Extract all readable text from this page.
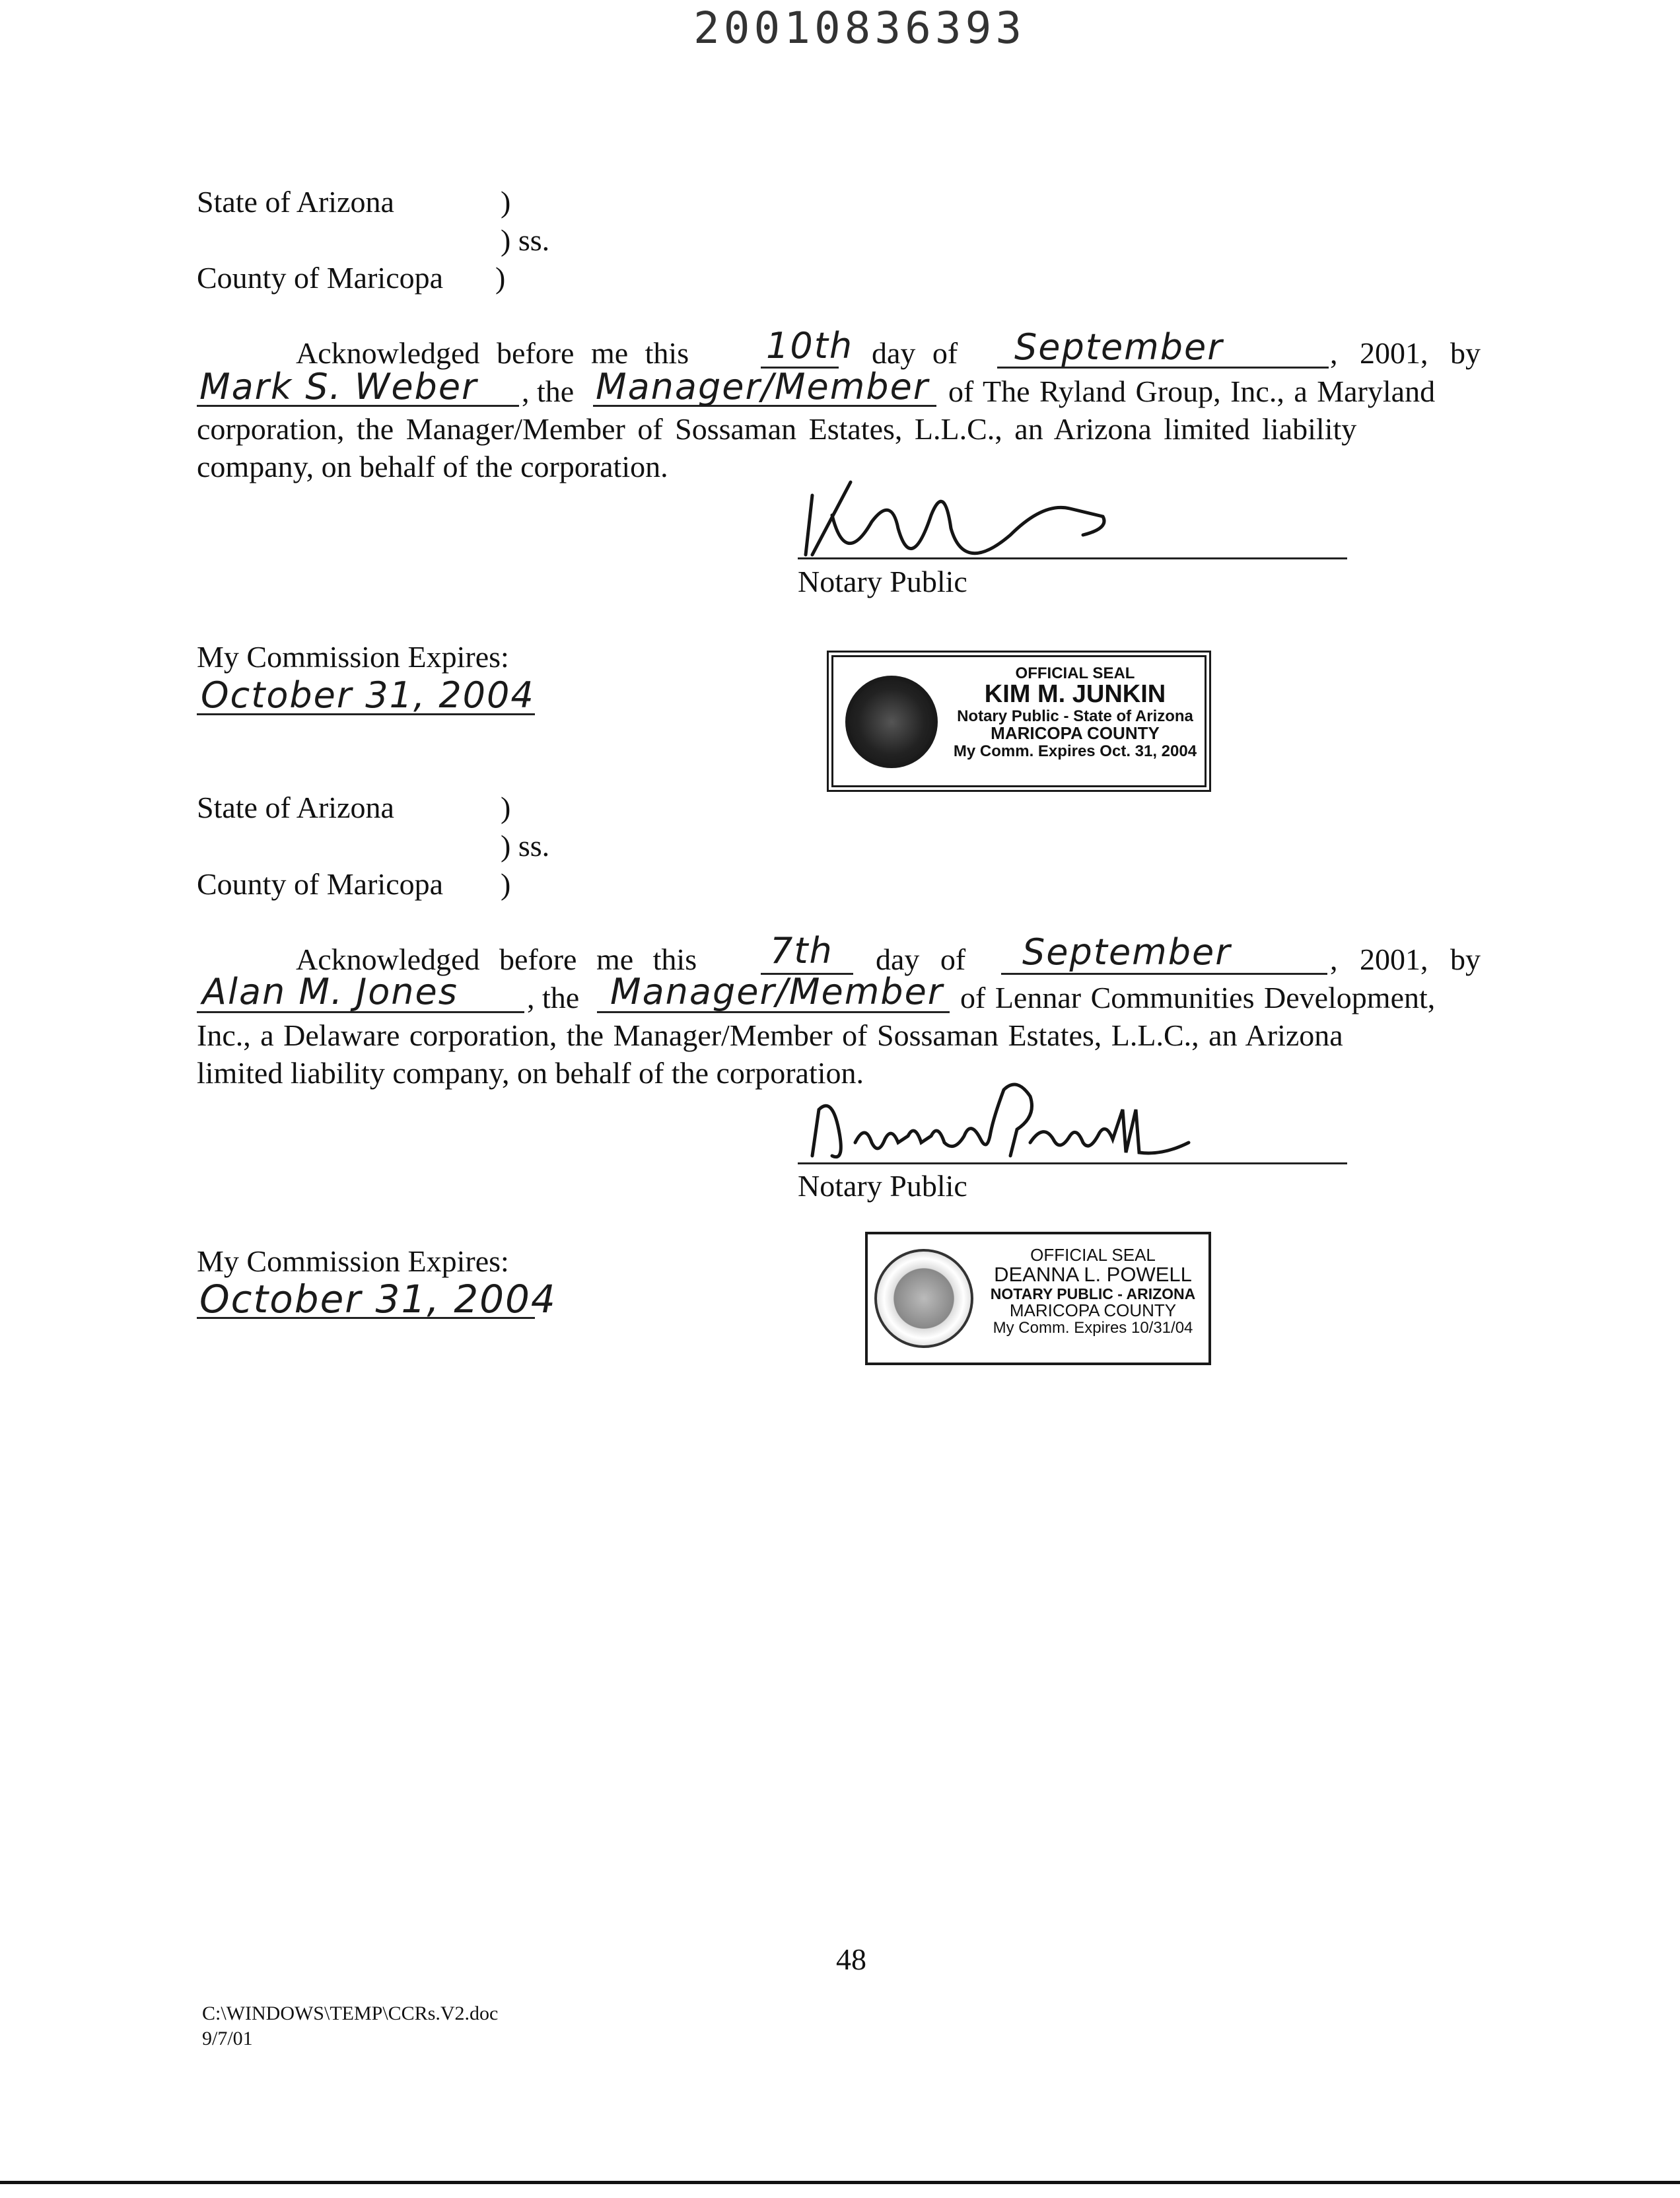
20010836393
State of Arizona	)
) ss.
County of Maricopa )
Acknowledged before me this 10th day of September	, 2001, by
Mark S. Weber , the Manager/Member of The Ryland Group, Inc., a Maryland
corporation, the Manager/Member of Sossaman Estates, L.L.C., an Arizona limited liability
company, on behalf of the corporation.
Notary Public
My Commission Expires:
October 31, 2004
OFFICIAL SEAL
KIM M. JUNKIN
Notary Public - State of Arizona
MARICOPA COUNTY
My Comm. Expires Oct. 31, 2004
State of Arizona	)
) ss.
County of Maricopa )
Acknowledged before me this 7th day of September	, 2001, by
Alan M. Jones , the Manager/Member of Lennar Communities Development,
Inc., a Delaware corporation, the Manager/Member of Sossaman Estates, L.L.C., an Arizona
limited liability company, on behalf of the corporation.
Notary Public
My Commission Expires:
October 31, 2004
OFFICIAL SEAL
DEANNA L. POWELL
NOTARY PUBLIC - ARIZONA
MARICOPA COUNTY
My Comm. Expires 10/31/04
48
C:\WINDOWS\TEMP\CCRs.V2.doc
9/7/01
